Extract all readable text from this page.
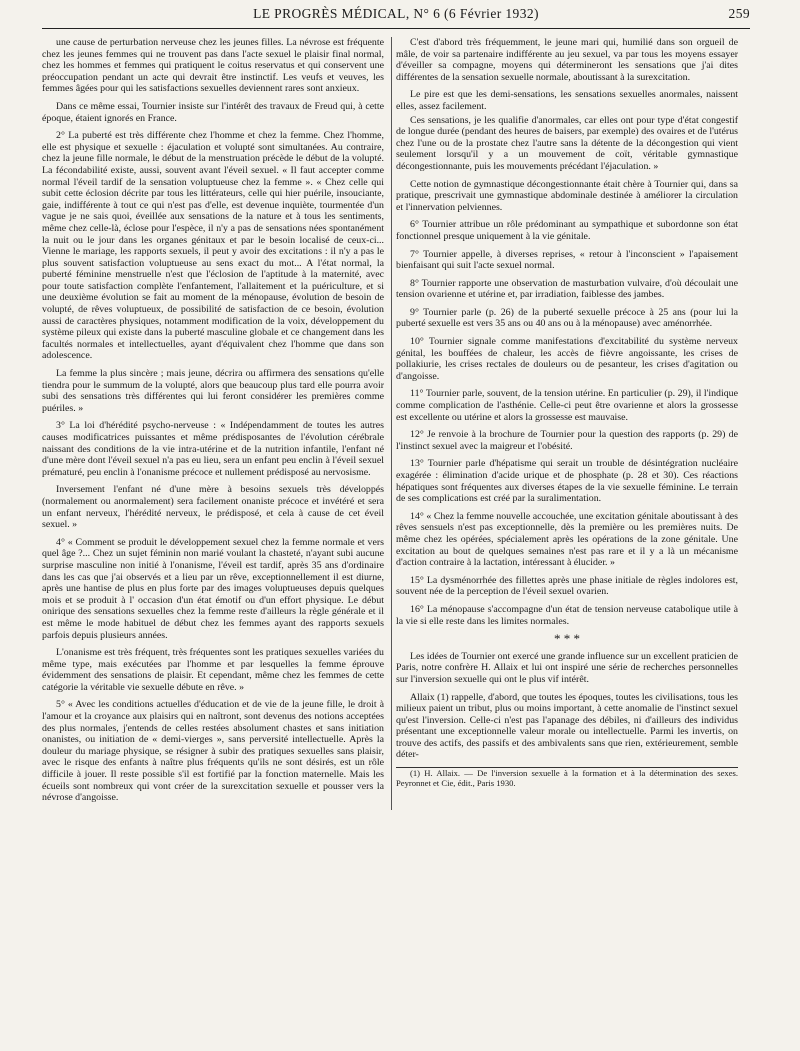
LE PROGRÈS MÉDICAL, N° 6 (6 Février 1932)	259

une cause de perturbation nerveuse chez les jeunes filles. La névrose est fréquente chez les jeunes femmes qui ne trouvent pas dans l'acte sexuel le plaisir final normal, chez les hommes et femmes qui pratiquent le coitus reservatus et qui conservent une préoccupation pendant un acte qui devrait être instinctif. Les veufs et veuves, les femmes âgées pour qui les satisfactions sexuelles deviennent rares sont anxieux.

Dans ce même essai, Tournier insiste sur l'intérêt des travaux de Freud qui, à cette époque, étaient ignorés en France.

2° La puberté est très différente chez l'homme et chez la femme. Chez l'homme, elle est physique et sexuelle : éjaculation et volupté sont simultanées. Au contraire, chez la jeune fille normale, le début de la menstruation précède le début de la volupté. La fécondabilité existe, aussi, souvent avant l'éveil sexuel. « Il faut accepter comme normal l'éveil tardif de la sensation voluptueuse chez la femme ». « Chez celle qui subit cette éclosion décrite par tous les littérateurs, celle qui hier puérile, insouciante, gaie, indifférente à tout ce qui n'est pas d'elle, est devenue inquiète, tourmentée d'un vague je ne sais quoi, éveillée aux sensations de la nature et à tous les sentiments, même chez celle-là, éclose pour l'espèce, il n'y a pas de sensations nées spontanément la nuit ou le jour dans les organes génitaux et par le besoin localisé de ceux-ci... Vienne le mariage, les rapports sexuels, il peut y avoir des excitations : il n'y a pas le plus souvent satisfaction voluptueuse au sens exact du mot... A l'état normal, la puberté féminine menstruelle n'est que l'éclosion de l'aptitude à la maternité, avec pour toute satisfaction complète l'enfantement, l'allaitement et la puériculture, et si une deuxième évolution se fait au moment de la ménopause, évolution de besoin de volupté, de rêves voluptueux, de possibilité de satisfaction de ce besoin, évolution aussi de caractères physiques, notamment modification de la voix, développement du système pileux qui existe dans la puberté masculine globale et ce changement dans les facultés normales et intellectuelles, ayant d'équivalent chez l'homme que dans son adolescence.

La femme la plus sincère ; mais jeune, décrira ou affirmera des sensations qu'elle tiendra pour le summum de la volupté, alors que beaucoup plus tard elle pourra avoir subi des sensations très différentes qui lui feront considérer les premières comme puériles. »

3° La loi d'hérédité psycho-nerveuse : « Indépendamment de toutes les autres causes modificatrices puissantes et même prédisposantes de l'évolution cérébrale naissant des conditions de la vie intra-utérine et de la nutrition infantile, l'enfant né d'une mère dont l'éveil sexuel n'a pas eu lieu, sera un enfant peu enclin à l'éveil sexuel prématuré, peu enclin à l'onanisme précoce et nullement prédisposé au nervosisme.

Inversement l'enfant né d'une mère à besoins sexuels très développés (normalement ou anormalement) sera facilement onaniste précoce et invétéré et sera un enfant nerveux, l'hérédité nerveux, le prédisposé, et cela à cause de cet éveil sexuel. »

4° « Comment se produit le développement sexuel chez la femme normale et vers quel âge ?... Chez un sujet féminin non marié voulant la chasteté, n'ayant subi aucune surprise masculine non initié à l'onanisme, l'éveil est tardif, après 35 ans d'ordinaire dans les cas que j'ai observés et a lieu par un rêve, exceptionnellement il est diurne, après une hantise de plus en plus forte par des images voluptueuses depuis quelques mois et se produit à l' occasion d'un état émotif ou d'un effort physique. Le début onirique des sensations sexuelles chez la femme reste d'ailleurs la règle générale et il est même le mode habituel de début chez les femmes ayant des rapports sexuels parfois depuis plusieurs années.

L'onanisme est très fréquent, très fréquentes sont les pratiques sexuelles variées du même type, mais exécutées par l'homme et par lesquelles la femme éprouve évidemment des sensations de plaisir. Et cependant, même chez les femmes de cette catégorie la véritable vie sexuelle débute en rêve. »

5° « Avec les conditions actuelles d'éducation et de vie de la jeune fille, le droit à l'amour et la croyance aux plaisirs qui en naîtront, sont devenus des notions acceptées des plus normales, j'entends de celles restées absolument chastes et sans initiation onanistes, ou initiation de « demi-vierges », sans perversité intellectuelle. Après la douleur du mariage physique, se résigner à subir des pratiques sexuelles sans plaisir, avec le risque des enfants à naître plus fréquents qu'ils ne sont désirés, est un rôle difficile à jouer. Il reste possible s'il est fortifié par la fonction maternelle. Mais les écueils sont nombreux qui vont créer de la surexcitation sexuelle et pousser vers la névrose d'angoisse.

C'est d'abord très fréquemment, le jeune mari qui, humilié dans son orgueil de mâle, de voir sa partenaire indifférente au jeu sexuel, va par tous les moyens essayer d'éveiller sa compagne, moyens qui détermineront les sensations que j'ai dites différentes de la sensation sexuelle normale, aboutissant à la surexcitation.

Le pire est que les demi-sensations, les sensations sexuelles anormales, naissent elles, assez facilement.

Ces sensations, je les qualifie d'anormales, car elles ont pour type d'état congestif de longue durée (pendant des heures de baisers, par exemple) des ovaires et de l'utérus chez l'une ou de la prostate chez l'autre sans la détente de la décongestion qui vient seulement lorsqu'il y a un mouvement de coït, véritable gymnastique décongestionnante, puis les mouvements précédant l'éjaculation. »

Cette notion de gymnastique décongestionnante était chère à Tournier qui, dans sa pratique, prescrivait une gymnastique abdominale destinée à améliorer la circulation et l'innervation pelviennes.

6° Tournier attribue un rôle prédominant au sympathique et subordonne son état fonctionnel presque uniquement à la vie génitale.

7° Tournier appelle, à diverses reprises, « retour à l'inconscient » l'apaisement bienfaisant qui suit l'acte sexuel normal.

8° Tournier rapporte une observation de masturbation vulvaire, d'où découlait une tension ovarienne et utérine et, par irradiation, faiblesse des jambes.

9° Tournier parle (p. 26) de la puberté sexuelle précoce à 25 ans (pour lui la puberté sexuelle est vers 35 ans ou 40 ans ou à la ménopause) avec aménorrhée.

10° Tournier signale comme manifestations d'excitabilité du système nerveux génital, les bouffées de chaleur, les accès de fièvre angoissante, les crises de pollakiurie, les crises rectales de douleurs ou de pesanteur, les crises d'agitation ou d'angoisse.

11° Tournier parle, souvent, de la tension utérine. En particulier (p. 29), il l'indique comme complication de l'asthénie. Celle-ci peut être ovarienne et alors la grossesse est excellente ou utérine et alors la grossesse est mauvaise.

12° Je renvoie à la brochure de Tournier pour la question des rapports (p. 29) de l'instinct sexuel avec la maigreur et l'obésité.

13° Tournier parle d'hépatisme qui serait un trouble de désintégration nucléaire exagérée : élimination d'acide urique et de phosphate (p. 28 et 30). Ces réactions hépatiques sont fréquentes aux diverses étapes de la vie sexuelle féminine. Le terrain de ses complications est créé par la suralimentation.

14° « Chez la femme nouvelle accouchée, une excitation génitale aboutissant à des rêves sensuels n'est pas exceptionnelle, dès la première ou les premières nuits. De même chez les opérées, spécialement après les opérations de la zone génitale. Une excitation au bout de quelques semaines n'est pas rare et il y a là un mécanisme d'action contraire à la lactation, intéressant à élucider. »

15° La dysménorrhée des fillettes après une phase initiale de règles indolores est, souvent née de la perception de l'éveil sexuel ovarien.

16° La ménopause s'accompagne d'un état de tension nerveuse catabolique utile à la vie si elle reste dans les limites normales.

* * *

Les idées de Tournier ont exercé une grande influence sur un excellent praticien de Paris, notre confrère H. Allaix et lui ont inspiré une série de recherches personnelles sur l'inversion sexuelle qui ont le plus vif intérêt.

Allaix (1) rappelle, d'abord, que toutes les époques, toutes les civilisations, tous les milieux paient un tribut, plus ou moins important, à cette anomalie de l'instinct sexuel qu'est l'inversion. Celle-ci n'est pas l'apanage des débiles, ni d'ailleurs des individus présentant une exceptionnelle valeur morale ou intellectuelle. Parmi les invertis, on trouve des actifs, des passifs et des ambivalents sans que rien, extérieurement, semble déter-

(1) H. Allaix. — De l'inversion sexuelle à la formation et à la détermination des sexes. Peyronnet et Cie, édit., Paris 1930.
